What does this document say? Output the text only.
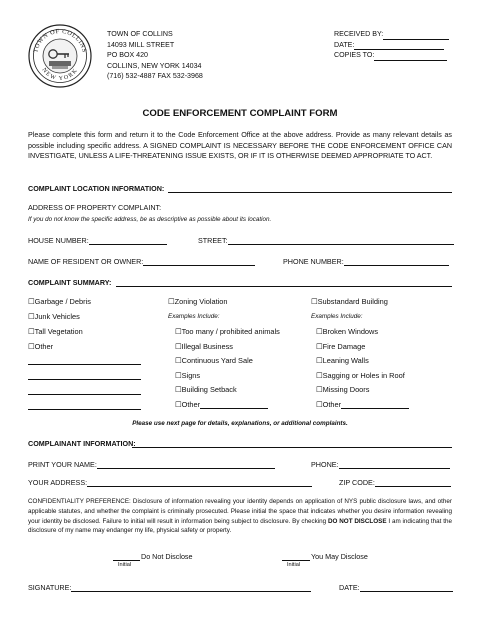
TOWN OF COLLINS
NEW YORK
TOWN OF COLLINS
14093 MILL STREET
PO BOX 420
COLLINS, NEW YORK 14034
(716) 532-4887 FAX 532-3968
RECEIVED BY:
DATE:
COPIES TO:
CODE ENFORCEMENT COMPLAINT FORM
Please complete this form and return it to the Code Enforcement Office at the above address. Provide as many relevant details as possible including specific address. A SIGNED COMPLAINT IS NECESSARY BEFORE THE CODE ENFORCEMENT OFFICE CAN INVESTIGATE, UNLESS A LIFE-THREATENING ISSUE EXISTS, OR IF IT IS OTHERWISE DEEMED APPROPRIATE TO ACT.
COMPLAINT LOCATION INFORMATION:
ADDRESS OF PROPERTY COMPLAINT:
If you do not know the specific address, be as descriptive as possible about its location.
HOUSE NUMBER:	STREET:
NAME OF RESIDENT OR OWNER:	PHONE NUMBER:
COMPLAINT SUMMARY:
☐Garbage / Debris
☐Junk Vehicles
☐Tall Vegetation
☐Other
☐Zoning Violation
Examples Include:
☐Too many / prohibited animals
☐Illegal Business
☐Continuous Yard Sale
☐Signs
☐Building Setback
☐Other
☐Substandard Building
Examples Include:
☐Broken Windows
☐Fire Damage
☐Leaning Walls
☐Sagging or Holes in Roof
☐Missing Doors
☐Other
Please use next page for details, explanations, or additional complaints.
COMPLAINANT INFORMATION:
PRINT YOUR NAME:	PHONE:
YOUR ADDRESS:	ZIP CODE:
CONFIDENTIALITY PREFERENCE: Disclosure of information revealing your identity depends on application of NYS public disclosure laws, and other applicable statutes, and whether the complaint is criminally prosecuted. Please initial the space that indicates whether you desire information revealing your identity be disclosed. Failure to initial will result in information being subject to disclosure. By checking DO NOT DISCLOSE I am indicating that the disclosure of my name may endanger my life, physical safety or property.
Do Not Disclose
Initial
You May Disclose
Initial
SIGNATURE:	DATE:
